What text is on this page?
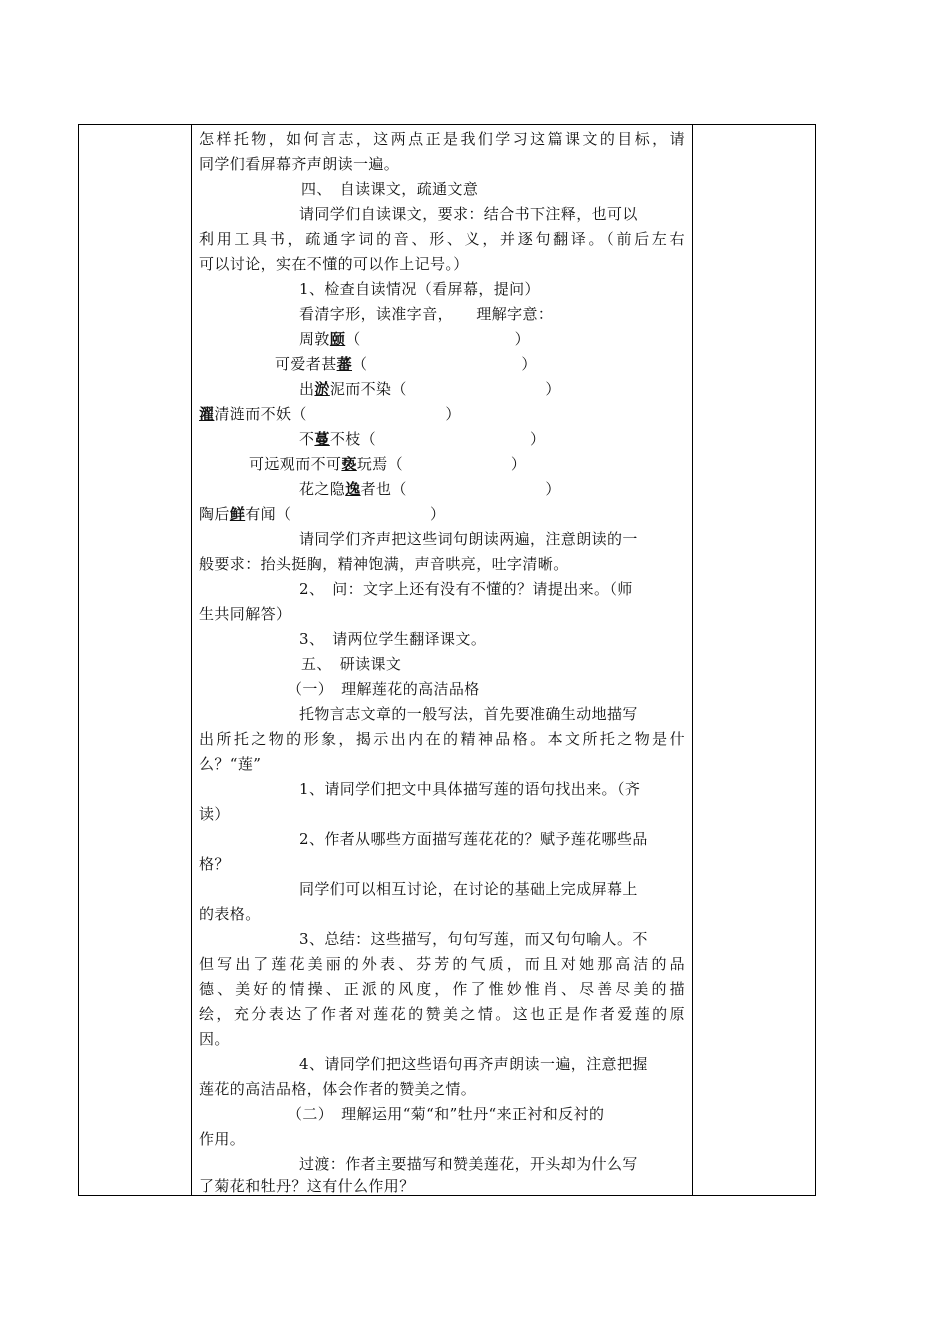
怎样托物，如何言志，这两点正是我们学习这篇课文的目标，请
同学们看屏幕齐声朗读一遍。
四、　自读课文，疏通文意
请同学们自读课文，要求：结合书下注释，也可以
利用工具书，疏通字词的音、形、义，并逐句翻译。（前后左右
可以讨论，实在不懂的可以作上记号。）
1、检查自读情况（看屏幕，提问）
看清字形，读准字音，　　理解字意：
周敦颐（　　　　　　　　　　）
可爱者甚蕃（　　　　　　　　　　）
出淤泥而不染（　　　　　　　　　）
濯清涟而不妖（　　　　　　　　　）
不蔓不枝（　　　　　　　　　　）
可远观而不可亵玩焉（　　　　　　　）
花之隐逸者也（　　　　　　　　　）
陶后鲜有闻（　　　　　　　　　）
请同学们齐声把这些词句朗读两遍，注意朗读的一
般要求：抬头挺胸，精神饱满，声音哄亮，吐字清晰。
2、　问：文字上还有没有不懂的？请提出来。（师
生共同解答）
3、　请两位学生翻译课文。
五、　研读课文
（一）　理解莲花的高洁品格
托物言志文章的一般写法，首先要准确生动地描写
出所托之物的形象，揭示出内在的精神品格。本文所托之物是什
么？“莲”
1、请同学们把文中具体描写莲的语句找出来。（齐
读）
2、作者从哪些方面描写莲花花的？赋予莲花哪些品
格？
同学们可以相互讨论，在讨论的基础上完成屏幕上
的表格。
3、总结：这些描写，句句写莲，而又句句喻人。不
但写出了莲花美丽的外表、芬芳的气质，而且对她那高洁的品
德、美好的情操、正派的风度，作了惟妙惟肖、尽善尽美的描
绘，充分表达了作者对莲花的赞美之情。这也正是作者爱莲的原
因。
4、请同学们把这些语句再齐声朗读一遍，注意把握
莲花的高洁品格，体会作者的赞美之情。
（二）　理解运用“菊“和”牡丹“来正衬和反衬的
作用。
过渡：作者主要描写和赞美莲花，开头却为什么写
了菊花和牡丹？这有什么作用？
